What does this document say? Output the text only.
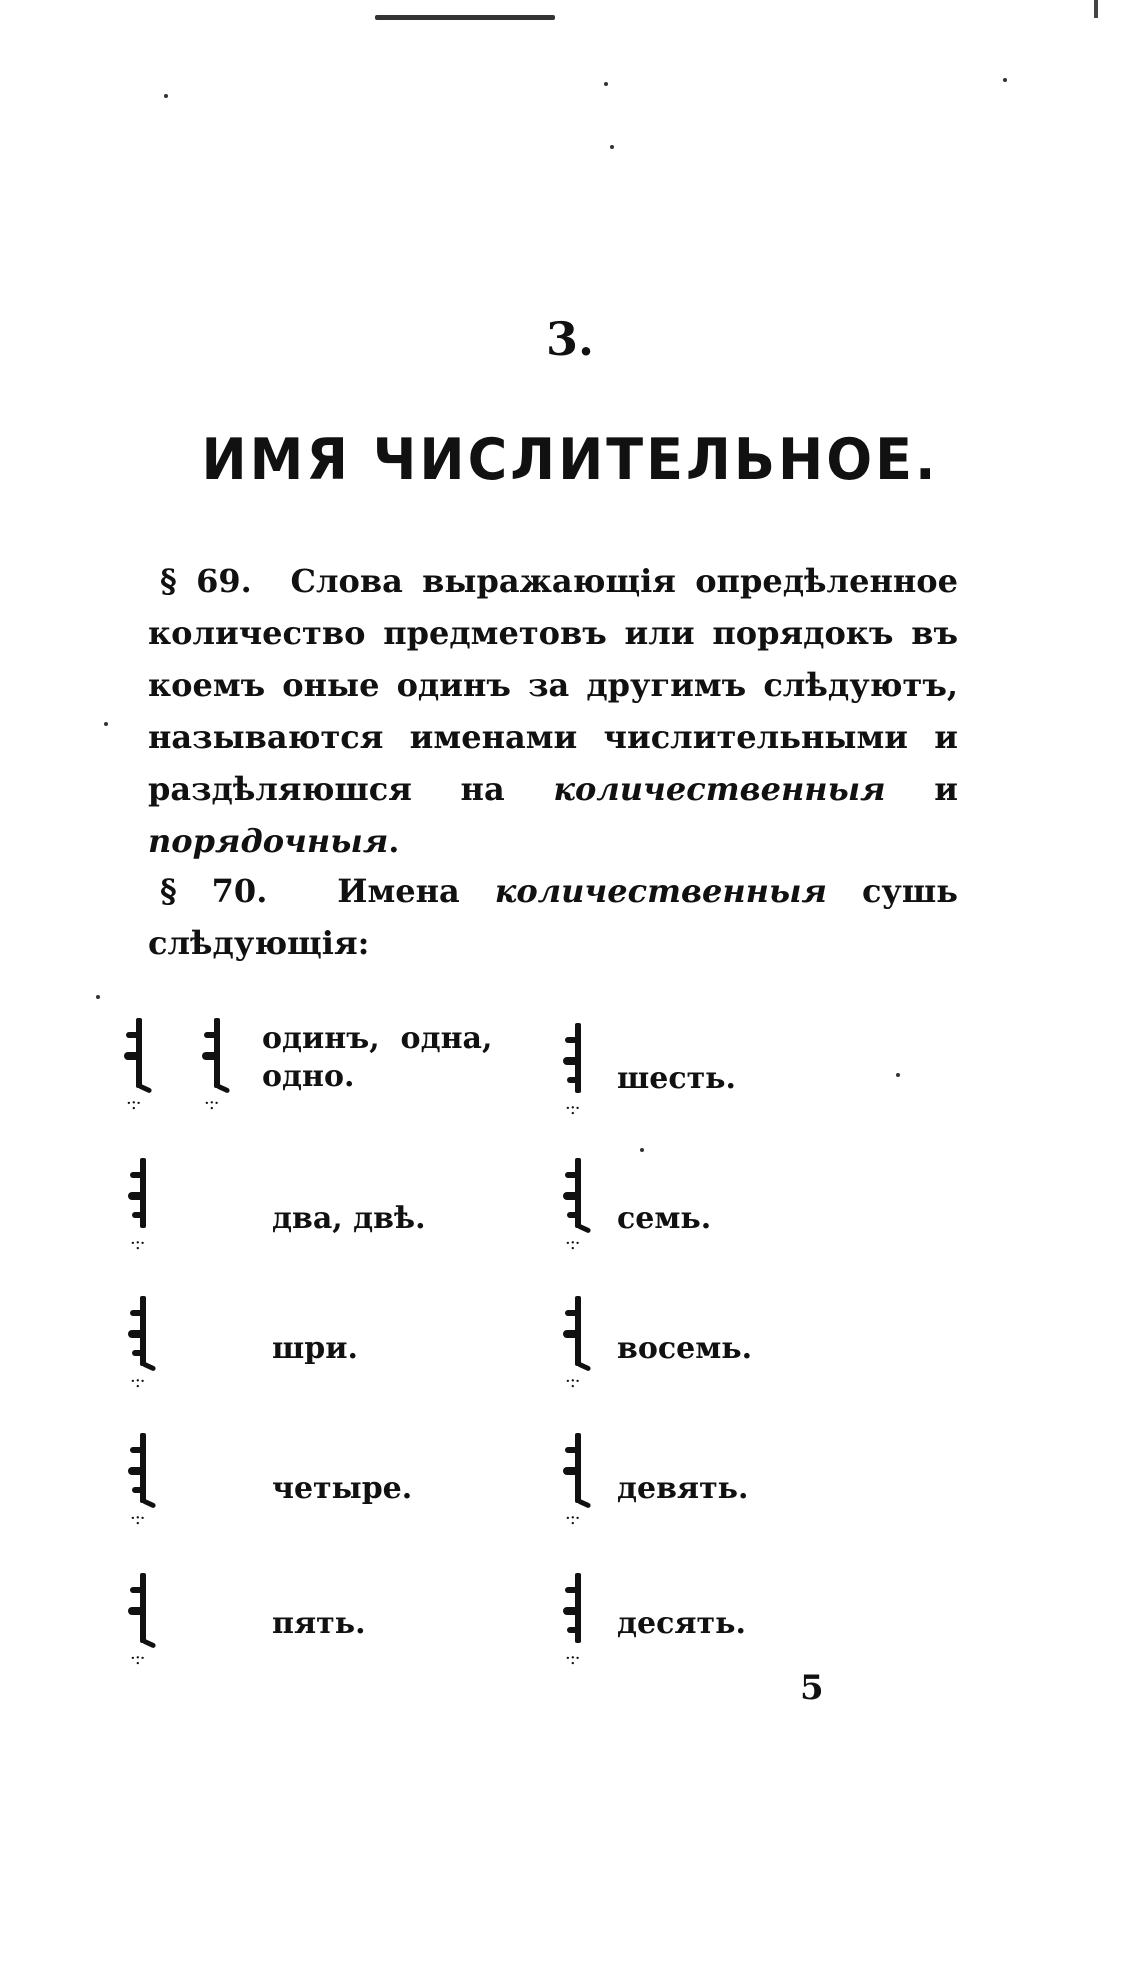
3.
ИМЯ ЧИСЛИТЕЛЬНОЕ.
§ 69. Слова выражающія опредѣленное количество предметовъ или порядокъ въ коемъ оные одинъ за другимъ слѣдуютъ, называются именами числительными и раздѣляюшся на количественныя и порядочныя.
§ 70. Имена количественныя сушь слѣдующія:
·:·	·:·
одинъ,  одна,
одно.
·:·
два, двѣ.
·:·
шри.
·:·
четыре.
·:·
пять.
·:·
шесть.
·:·
семь.
·:·
восемь.
·:·
девять.
·:·
десять.
5
